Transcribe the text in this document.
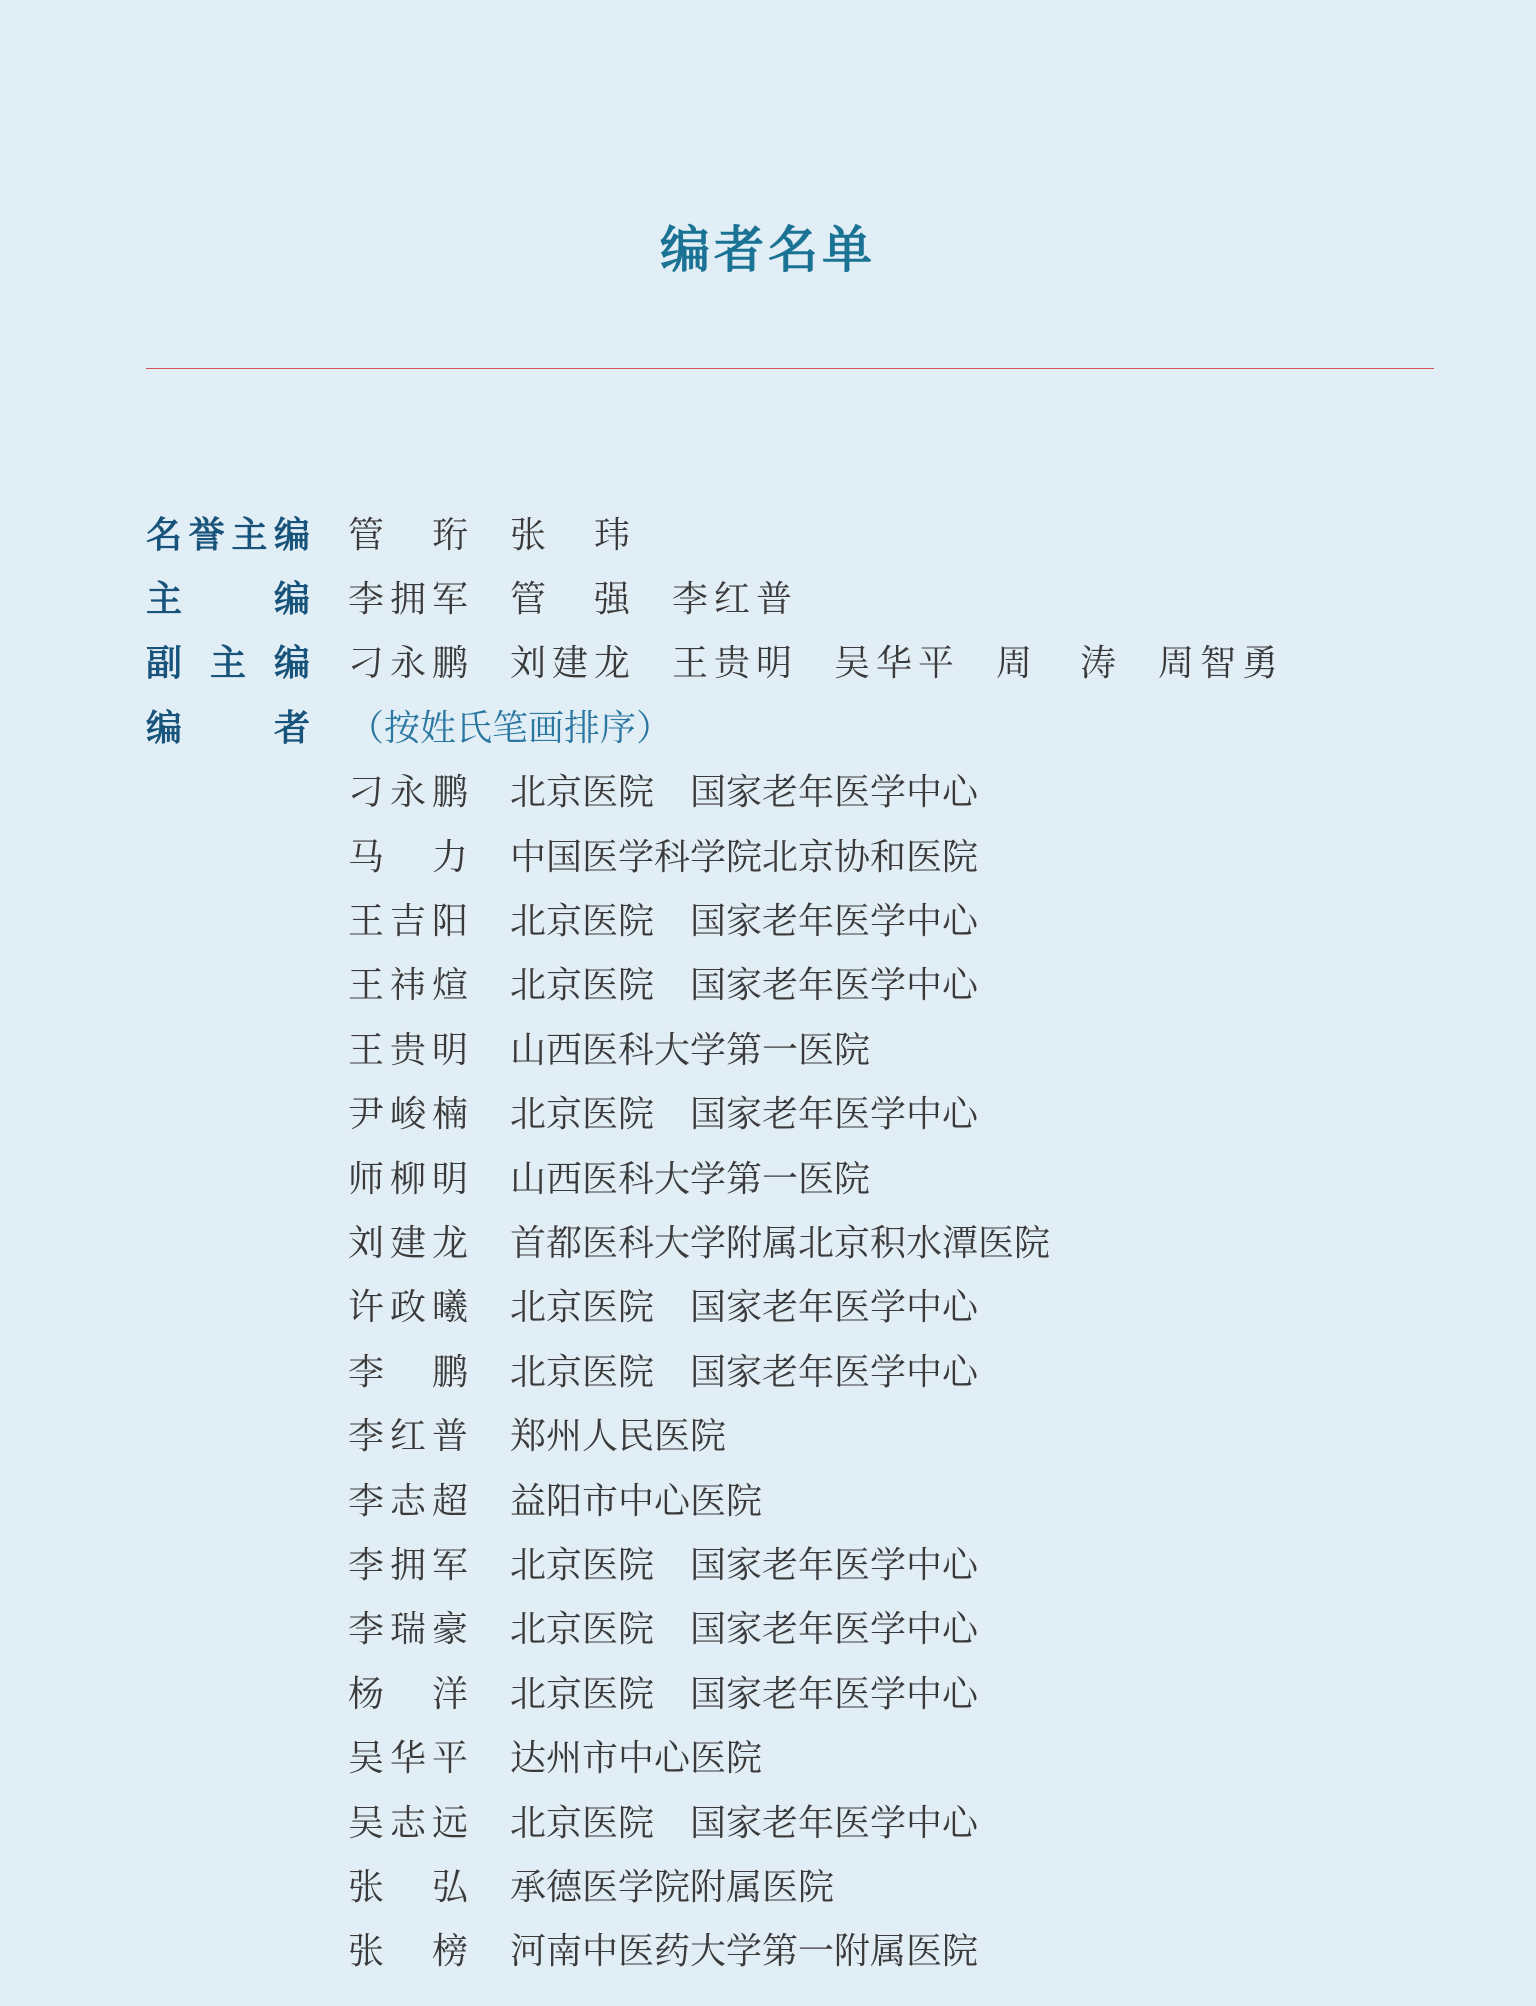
编者名单
名 誉 主 编 管 珩 张 玮
主	编 李 拥 军 管 强 李 红 普
副 主 编 刁 永 鹏 刘 建 龙 王 贵 明 吴 华 平 周 涛 周 智 勇
编	者 （按姓氏笔画排序）
刁 永 鹏 北京医院　国家老年医学中心
马 力 中国医学科学院北京协和医院
王 吉 阳 北京医院　国家老年医学中心
王 祎 煊 北京医院　国家老年医学中心
王 贵 明 山西医科大学第一医院
尹 峻 楠 北京医院　国家老年医学中心
师 柳 明 山西医科大学第一医院
刘 建 龙 首都医科大学附属北京积水潭医院
许 政 曦 北京医院　国家老年医学中心
李 鹏 北京医院　国家老年医学中心
李 红 普 郑州人民医院
李 志 超 益阳市中心医院
李 拥 军 北京医院　国家老年医学中心
李 瑞 豪 北京医院　国家老年医学中心
杨 洋 北京医院　国家老年医学中心
吴 华 平 达州市中心医院
吴 志 远 北京医院　国家老年医学中心
张 弘 承德医学院附属医院
张 榜 河南中医药大学第一附属医院
